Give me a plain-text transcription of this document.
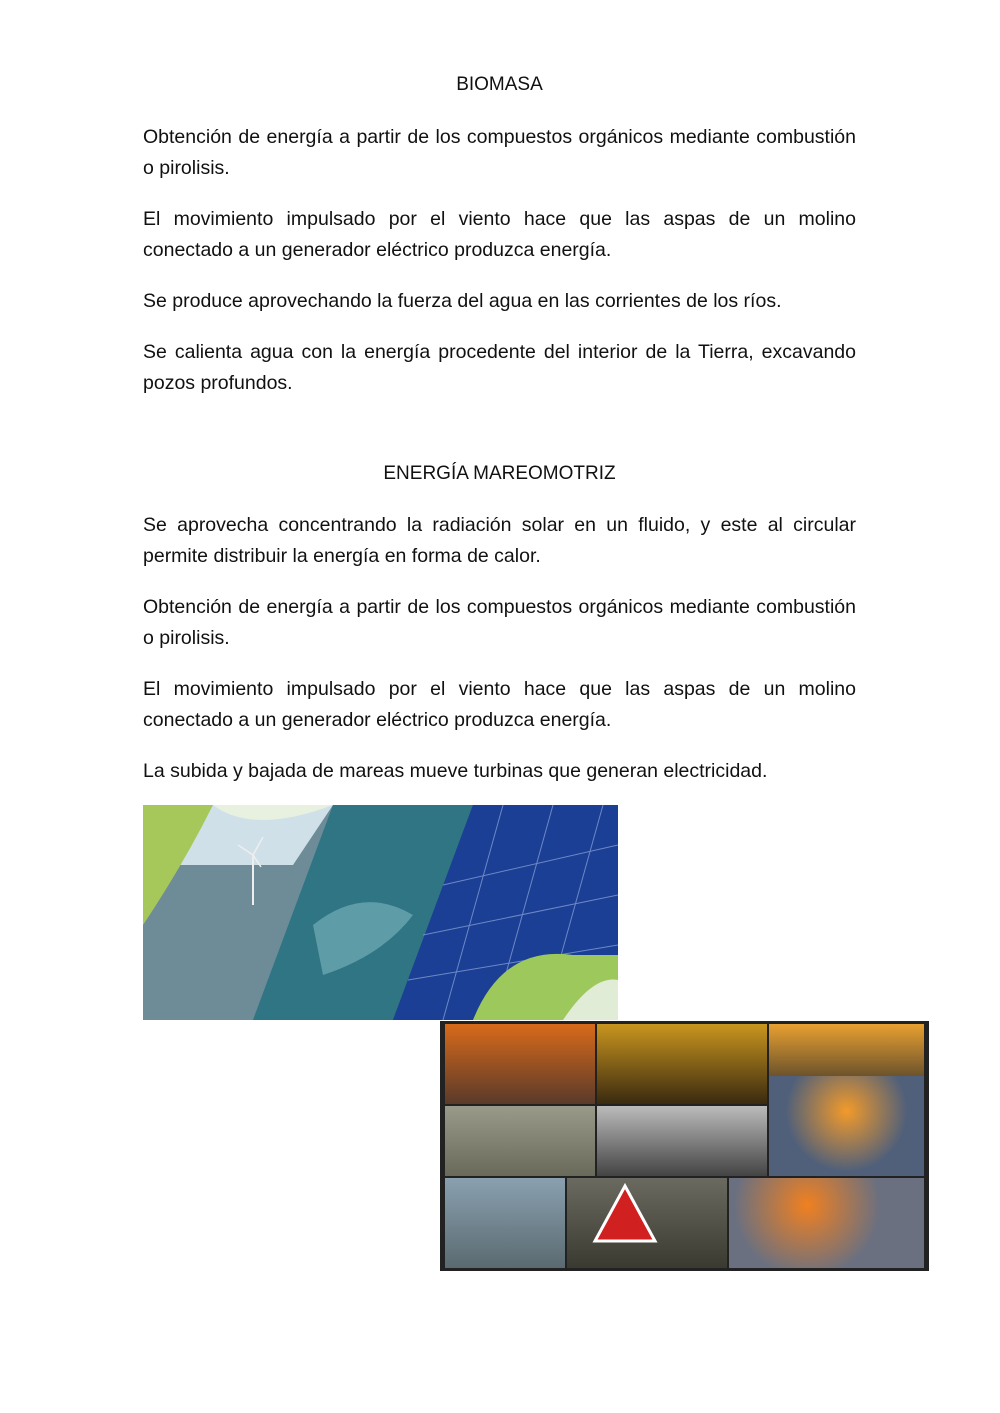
BIOMASA
Obtención de energía a partir de los compuestos orgánicos mediante combustión o pirolisis.
El movimiento impulsado por el viento hace que las aspas de un molino conectado a un generador eléctrico produzca energía.
Se produce aprovechando la fuerza del agua en las corrientes de los ríos.
Se calienta agua con la energía procedente del interior de la Tierra, excavando pozos profundos.
ENERGÍA MAREOMOTRIZ
Se aprovecha concentrando la radiación solar en un fluido, y este al circular permite distribuir la energía en forma de calor.
Obtención de energía a partir de los compuestos orgánicos mediante combustión o pirolisis.
El movimiento impulsado por el viento hace que las aspas de un molino conectado a un generador eléctrico produzca energía.
La subida y bajada de mareas mueve turbinas que generan electricidad.
